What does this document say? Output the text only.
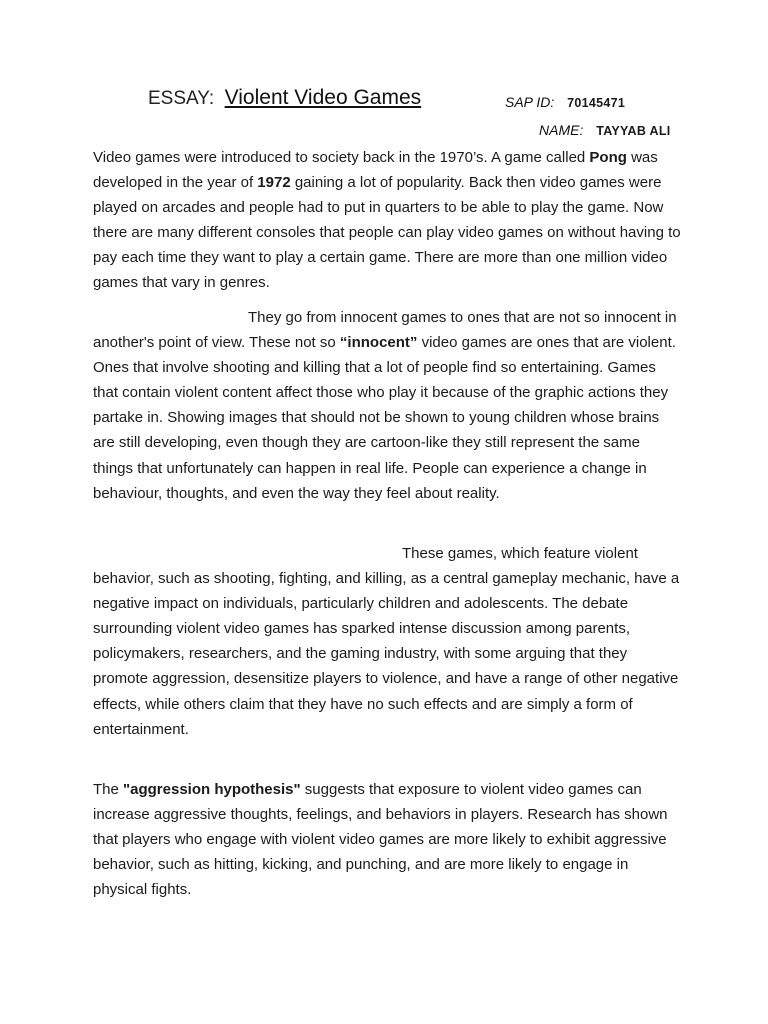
ESSAY: Violent Video Games	SAP ID: 70145471
NAME: TAYYAB ALI

Video games were introduced to society back in the 1970’s. A game called Pong was developed in the year of 1972 gaining a lot of popularity. Back then video games were played on arcades and people had to put in quarters to be able to play the game. Now there are many different consoles that people can play video games on without having to pay each time they want to play a certain game. There are more than one million video games that vary in genres.

They go from innocent games to ones that are not so innocent in another's point of view. These not so “innocent” video games are ones that are violent. Ones that involve shooting and killing that a lot of people find so entertaining. Games that contain violent content affect those who play it because of the graphic actions they partake in. Showing images that should not be shown to young children whose brains are still developing, even though they are cartoon-like they still represent the same things that unfortunately can happen in real life. People can experience a change in behaviour, thoughts, and even the way they feel about reality.

These games, which feature violent behavior, such as shooting, fighting, and killing, as a central gameplay mechanic, have a negative impact on individuals, particularly children and adolescents. The debate surrounding violent video games has sparked intense discussion among parents, policymakers, researchers, and the gaming industry, with some arguing that they promote aggression, desensitize players to violence, and have a range of other negative effects, while others claim that they have no such effects and are simply a form of entertainment.

The "aggression hypothesis" suggests that exposure to violent video games can increase aggressive thoughts, feelings, and behaviors in players. Research has shown that players who engage with violent video games are more likely to exhibit aggressive behavior, such as hitting, kicking, and punching, and are more likely to engage in physical fights.
